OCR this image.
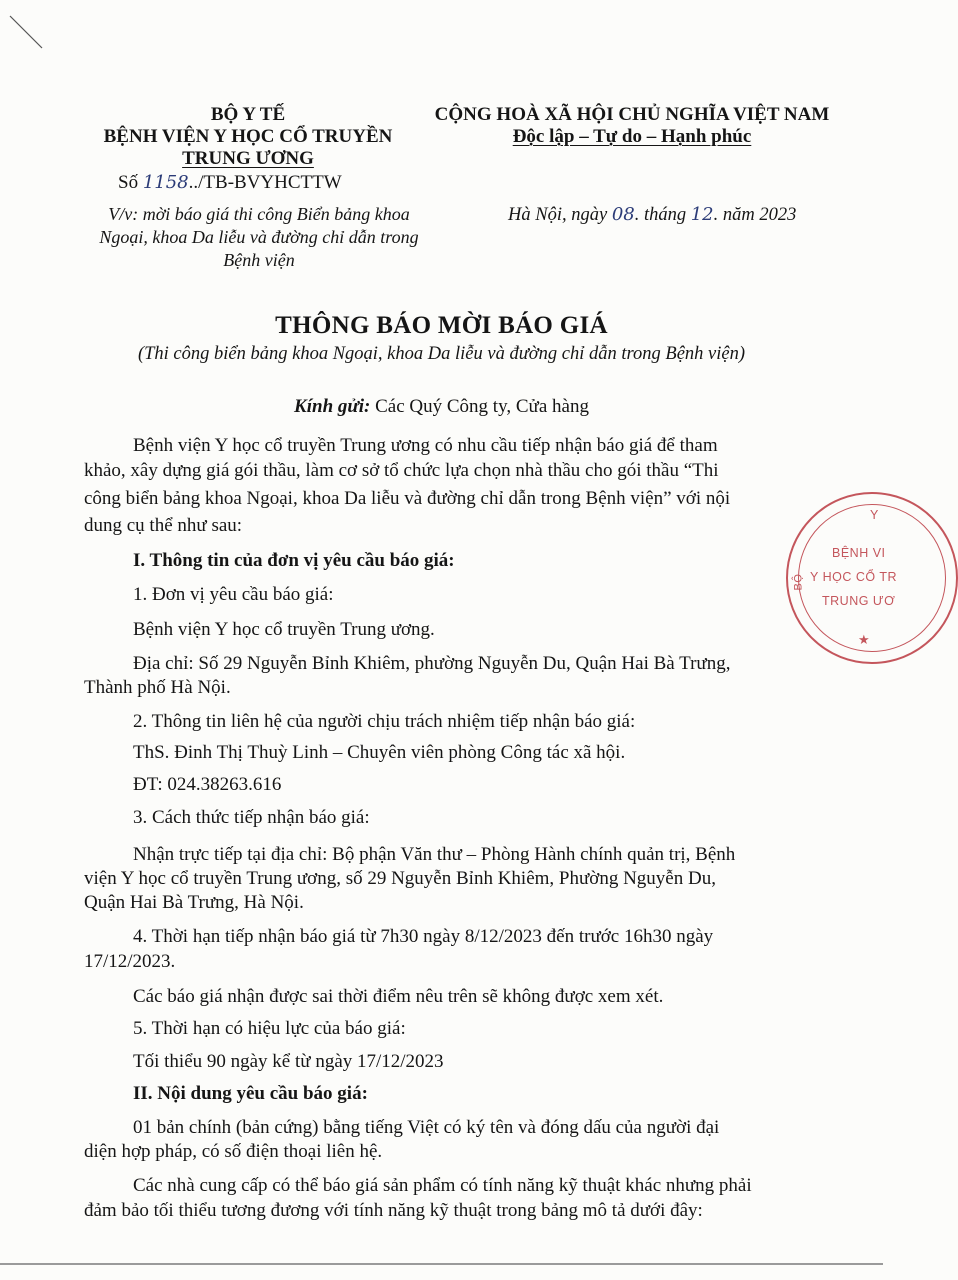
BỘ Y TẾ
BỆNH VIỆN Y HỌC CỔ TRUYỀN
TRUNG ƯƠNG
Số 1158../TB-BVYHCTTW
V/v: mời báo giá thi công Biển bảng khoa
Ngoại, khoa Da liễu và đường chỉ dẫn trong
Bệnh viện
CỘNG HOÀ XÃ HỘI CHỦ NGHĨA VIỆT NAM
Độc lập – Tự do – Hạnh phúc
Hà Nội, ngày 08. tháng 12. năm 2023
THÔNG BÁO MỜI BÁO GIÁ
(Thi công biển bảng khoa Ngoại, khoa Da liễu và đường chỉ dẫn trong Bệnh viện)
Kính gửi: Các Quý Công ty, Cửa hàng
Bệnh viện Y học cổ truyền Trung ương có nhu cầu tiếp nhận báo giá để tham
khảo, xây dựng giá gói thầu, làm cơ sở tổ chức lựa chọn nhà thầu cho gói thầu “Thi
công biển bảng khoa Ngoại, khoa Da liễu và đường chỉ dẫn trong Bệnh viện” với nội
dung cụ thể như sau:
I. Thông tin của đơn vị yêu cầu báo giá:
1. Đơn vị yêu cầu báo giá:
Bệnh viện Y học cổ truyền Trung ương.
Địa chỉ: Số 29 Nguyễn Bỉnh Khiêm, phường Nguyễn Du, Quận Hai Bà Trưng,
Thành phố Hà Nội.
2. Thông tin liên hệ của người chịu trách nhiệm tiếp nhận báo giá:
ThS. Đinh Thị Thuỳ Linh – Chuyên viên phòng Công tác xã hội.
ĐT: 024.38263.616
3. Cách thức tiếp nhận báo giá:
Nhận trực tiếp tại địa chỉ: Bộ phận Văn thư – Phòng Hành chính quản trị, Bệnh
viện Y học cổ truyền Trung ương, số 29 Nguyễn Bỉnh Khiêm, Phường Nguyễn Du,
Quận Hai Bà Trưng, Hà Nội.
4. Thời hạn tiếp nhận báo giá từ 7h30 ngày 8/12/2023 đến trước 16h30 ngày
17/12/2023.
Các báo giá nhận được sai thời điểm nêu trên sẽ không được xem xét.
5. Thời hạn có hiệu lực của báo giá:
Tối thiểu 90 ngày kể từ ngày 17/12/2023
II. Nội dung yêu cầu báo giá:
01 bản chính (bản cứng) bằng tiếng Việt có ký tên và đóng dấu của người đại
diện hợp pháp, có số điện thoại liên hệ.
Các nhà cung cấp có thể báo giá sản phẩm có tính năng kỹ thuật khác nhưng phải
đảm bảo tối thiểu tương đương với tính năng kỹ thuật trong bảng mô tả dưới đây:
Y
BỆNH VI
Y HỌC CỔ TR
TRUNG ƯƠ
BỘ
★
